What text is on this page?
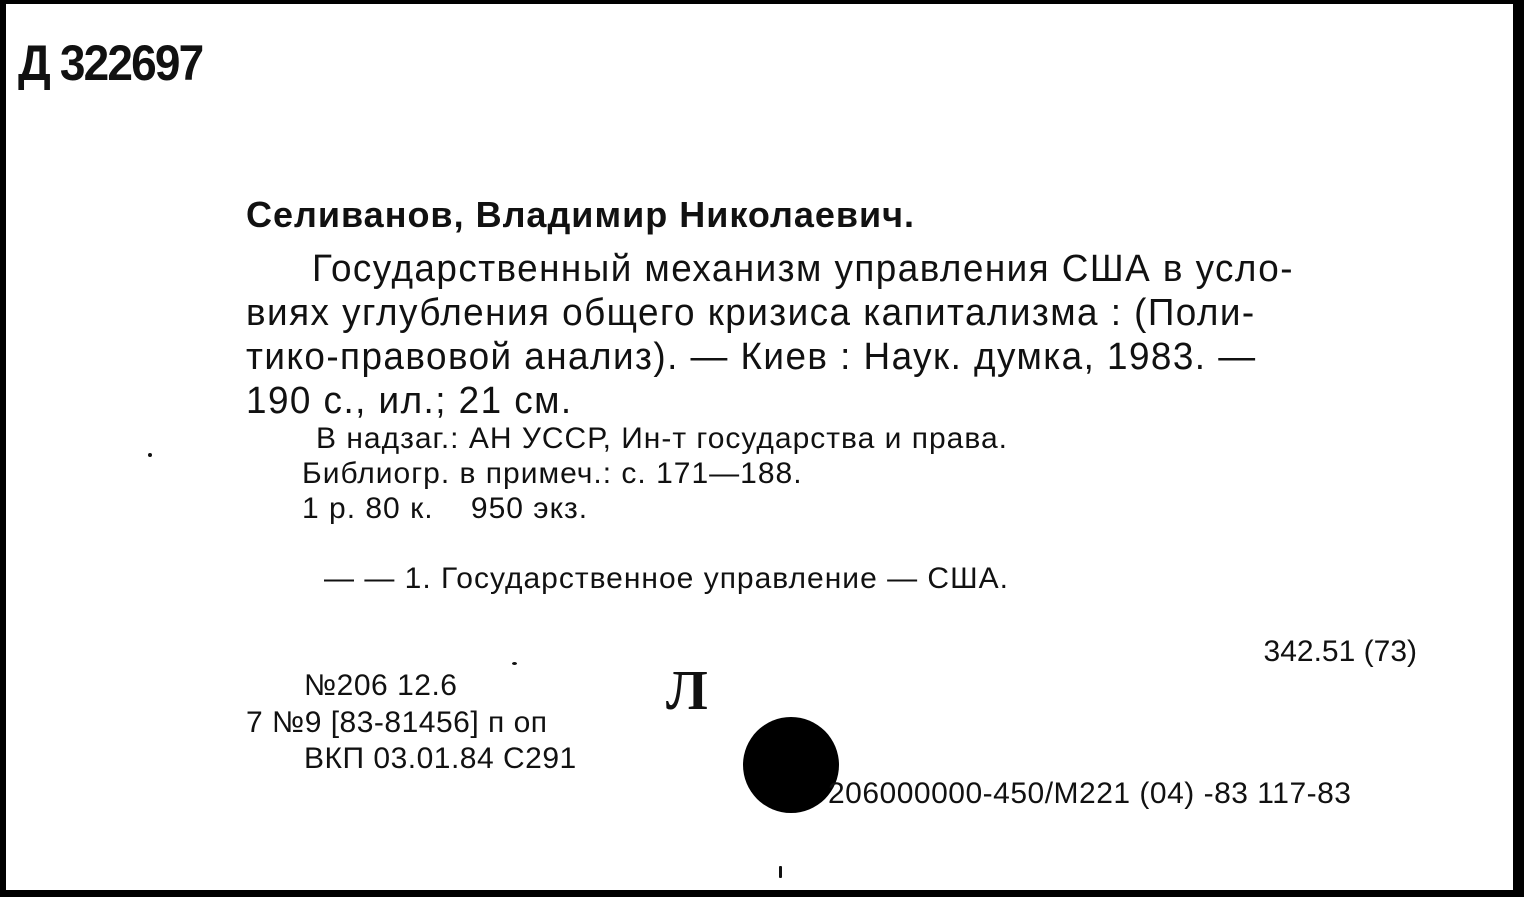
Д 322697
Селиванов, Владимир Николаевич.
Государственный механизм управления США в усло-
виях углубления общего кризиса капитализма : (Поли-
тико-правовой анализ). — Киев : Наук. думка, 1983. —
190 с., ил.; 21 см.
В надзаг.: АН УССР, Ин-т государства и права.
Библиогр. в примеч.: с. 171—188.
1 р. 80 к.    950 экз.
— — 1. Государственное управление — США.
342.51 (73)
№206 12.6
7 №9 [83-81456] п оп
ВКП 03.01.84 С291
Л
206000000-450/М221 (04) -83 117-83
